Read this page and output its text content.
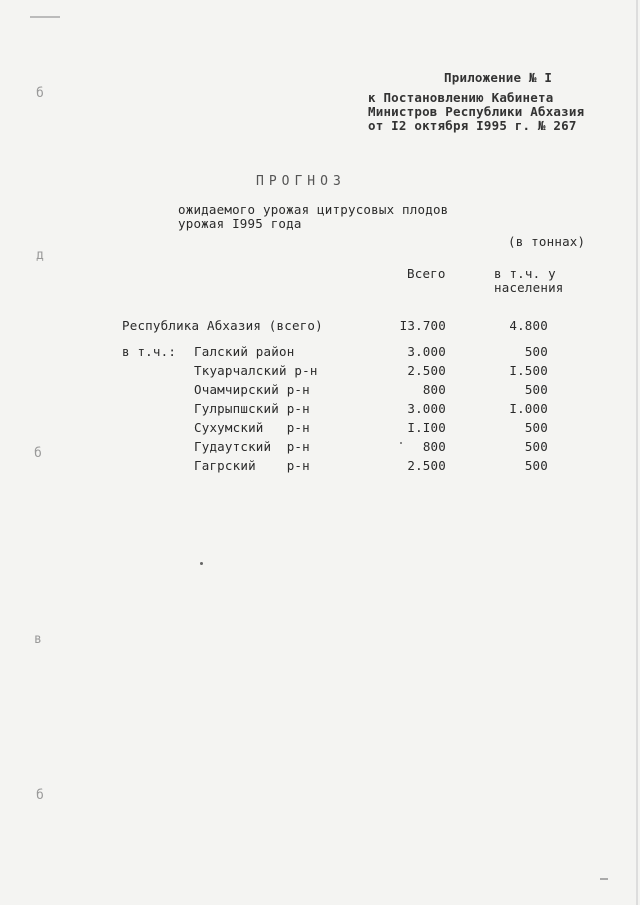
б
д
б
в
б
Приложение № I
к Постановлению Кабинета
Министров Республики Абхазия
от I2 октября I995 г. № 267
ПРОГНОЗ
ожидаемого урожая цитрусовых плодов
урожая I995 года
(в тоннах)
Всего	в т.ч. у
населения
Республика Абхазия (всего)	I3.700	4.800
в т.ч.: Галский район	3.000	500
Ткуарчалский р-н	2.500	I.500
Очамчирский р-н	800	500
Гулрыпшский р-н	3.000	I.000
Сухумский   р-н	I.I00	500
Гудаутский  р-н	800	500
Гагрский    р-н	2.500	500
